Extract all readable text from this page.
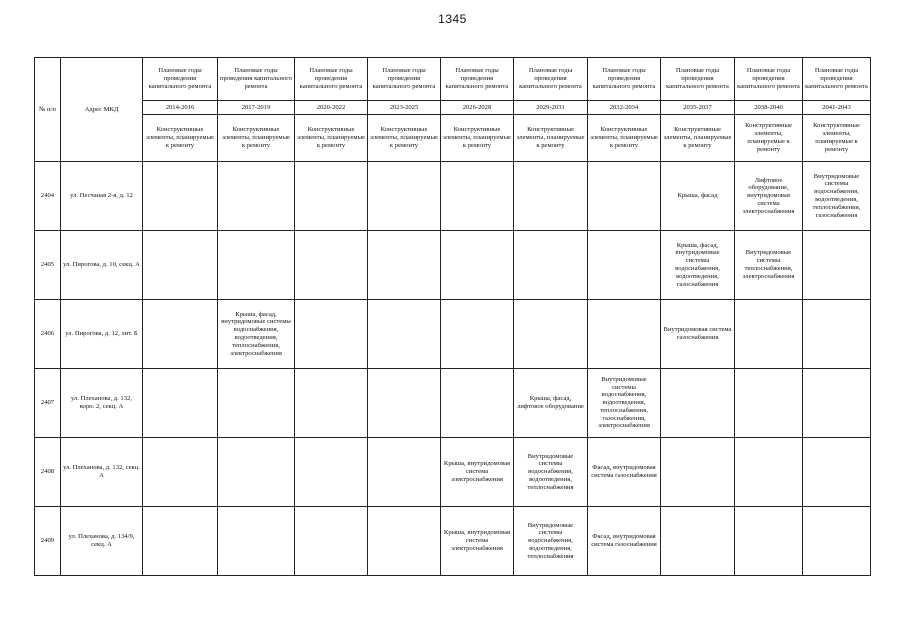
1345
№ п/п	Адрес МКД	Плановые годы проведения капитального ремонта	Плановые годы проведения капитального ремонта	Плановые годы проведения капитального ремонта	Плановые годы проведения капитального ремонта	Плановые годы проведения капитального ремонта	Плановые годы проведения капитального ремонта	Плановые годы проведения капитального ремонта	Плановые годы проведения капитального ремонта	Плановые годы проведения капитального ремонта	Плановые годы проведения капитального ремонта
		2014-2016	2017-2019	2020-2022	2023-2025	2026-2028	2029-2031	2032-2034	2035-2037	2038-2040	2041-2043
		Конструктивные элементы, планируемые к ремонту	Конструктивные элементы, планируемые к ремонту	Конструктивные элементы, планируемые к ремонту	Конструктивные элементы, планируемые к ремонту	Конструктивные элементы, планируемые к ремонту	Конструктивные элементы, планируемые к ремонту	Конструктивные элементы, планируемые к ремонту	Конструктивные элементы, планируемые к ремонту	Конструктивные элементы, планируемые к ремонту	Конструктивные элементы, планируемые к ремонту
2404	ул. Песчаная 2-я, д. 12								Крыша, фасад	Лифтовое оборудование, внутридомовая система электроснабжения	Внутридомовые системы водоснабжения, водоотведения, теплоснабжения, газоснабжения
2405	ул. Пирогова, д. 10, секц. А								Крыша, фасад, внутридомовые системы водоснабжения, водоотведения, газоснабжения	Внутридомовые системы теплоснабжения, электроснабжения	
2406	ул. Пирогова, д. 12, лит. Б		Крыша, фасад, внутридомовые системы водоснабжения, водоотведения, теплоснабжения, электроснабжения						Внутридомовая система газоснабжения		
2407	ул. Плеханова, д. 132, корп. 2, секц. А						Крыша, фасад, лифтовое оборудование	Внутридомовые системы водоснабжения, водоотведения, теплоснабжения, газоснабжения, электроснабжения			
2408	ул. Плеханова, д. 132, секц. А					Крыша, внутридомовая система электроснабжения	Внутридомовые системы водоснабжения, водоотведения, теплоснабжения	Фасад, внутридомовая система газоснабжения			
2409	ул. Плеханова, д. 134/9, секц. А					Крыша, внутридомовая система электроснабжения	Внутридомовые системы водоснабжения, водоотведения, теплоснабжения	Фасад, внутридомовая система газоснабжения			
